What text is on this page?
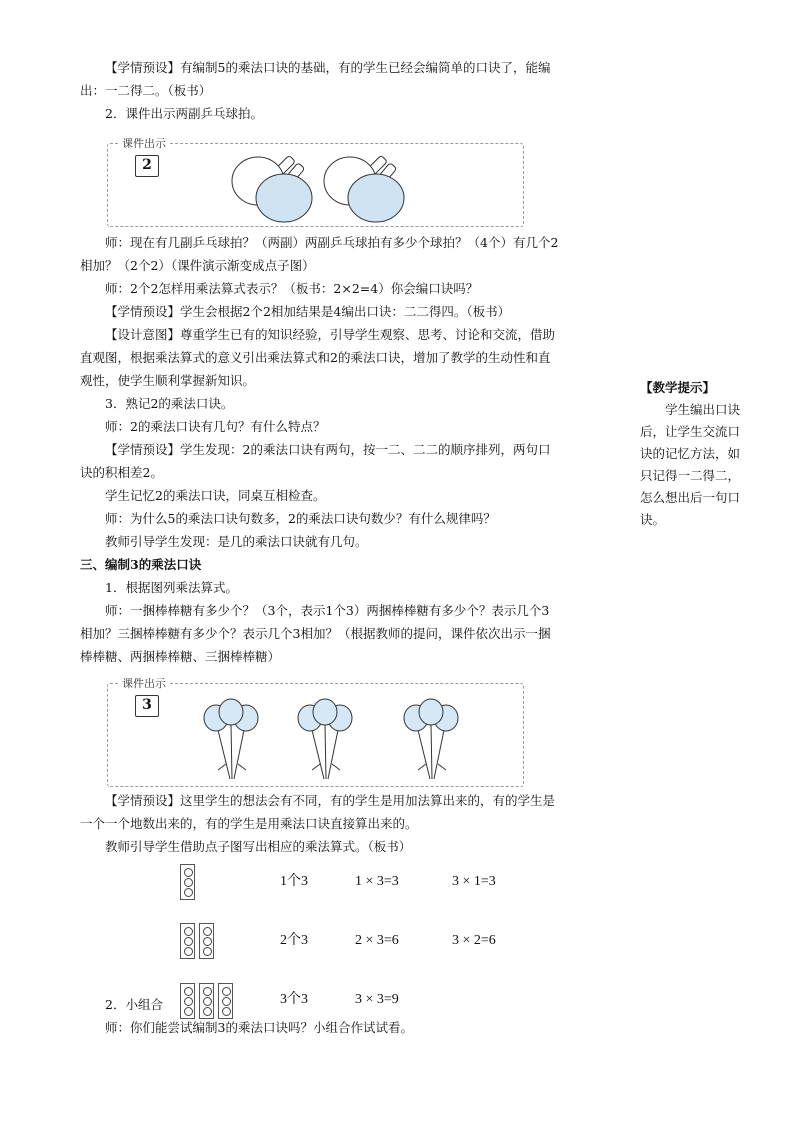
【学情预设】有编制5的乘法口诀的基础，有的学生已经会编简单的口诀了，能编
出：一二得二。（板书）
2．课件出示两副乒乓球拍。
课件出示
2
师：现在有几副乒乓球拍？（两副）两副乒乓球拍有多少个球拍？（4个）有几个2
相加？（2个2）（课件演示渐变成点子图）
师：2个2怎样用乘法算式表示？（板书：2×2=4）你会编口诀吗？
【学情预设】学生会根据2个2相加结果是4编出口诀：二二得四。（板书）
【设计意图】尊重学生已有的知识经验，引导学生观察、思考、讨论和交流，借助
直观图，根据乘法算式的意义引出乘法算式和2的乘法口诀，增加了教学的生动性和直
观性，使学生顺利掌握新知识。
3．熟记2的乘法口诀。
师：2的乘法口诀有几句？有什么特点？
【学情预设】学生发现：2的乘法口诀有两句，按一二、二二的顺序排列，两句口
诀的积相差2。
学生记忆2的乘法口诀，同桌互相检查。
师：为什么5的乘法口诀句数多，2的乘法口诀句数少？有什么规律吗？
教师引导学生发现：是几的乘法口诀就有几句。
三、编制3的乘法口诀
1．根据图列乘法算式。
师：一捆棒棒糖有多少个？（3个，表示1个3）两捆棒棒糖有多少个？表示几个3
相加？三捆棒棒糖有多少个？表示几个3相加？（根据教师的提问，课件依次出示一捆
棒棒糖、两捆棒棒糖、三捆棒棒糖）
课件出示
3
【学情预设】这里学生的想法会有不同，有的学生是用加法算出来的，有的学生是
一个一个地数出来的，有的学生是用乘法口诀直接算出来的。
教师引导学生借助点子图写出相应的乘法算式。（板书）
1个3	1 × 3=3	3 × 1=3
2个3	2 × 3=6	3 × 2=6
2．小组合	3个3	3 × 3=9
师：你们能尝试编制3的乘法口诀吗？小组合作试试看。
【教学提示】
学生编出口诀
后，让学生交流口
诀的记忆方法，如
只记得一二得二，
怎么想出后一句口
诀。
